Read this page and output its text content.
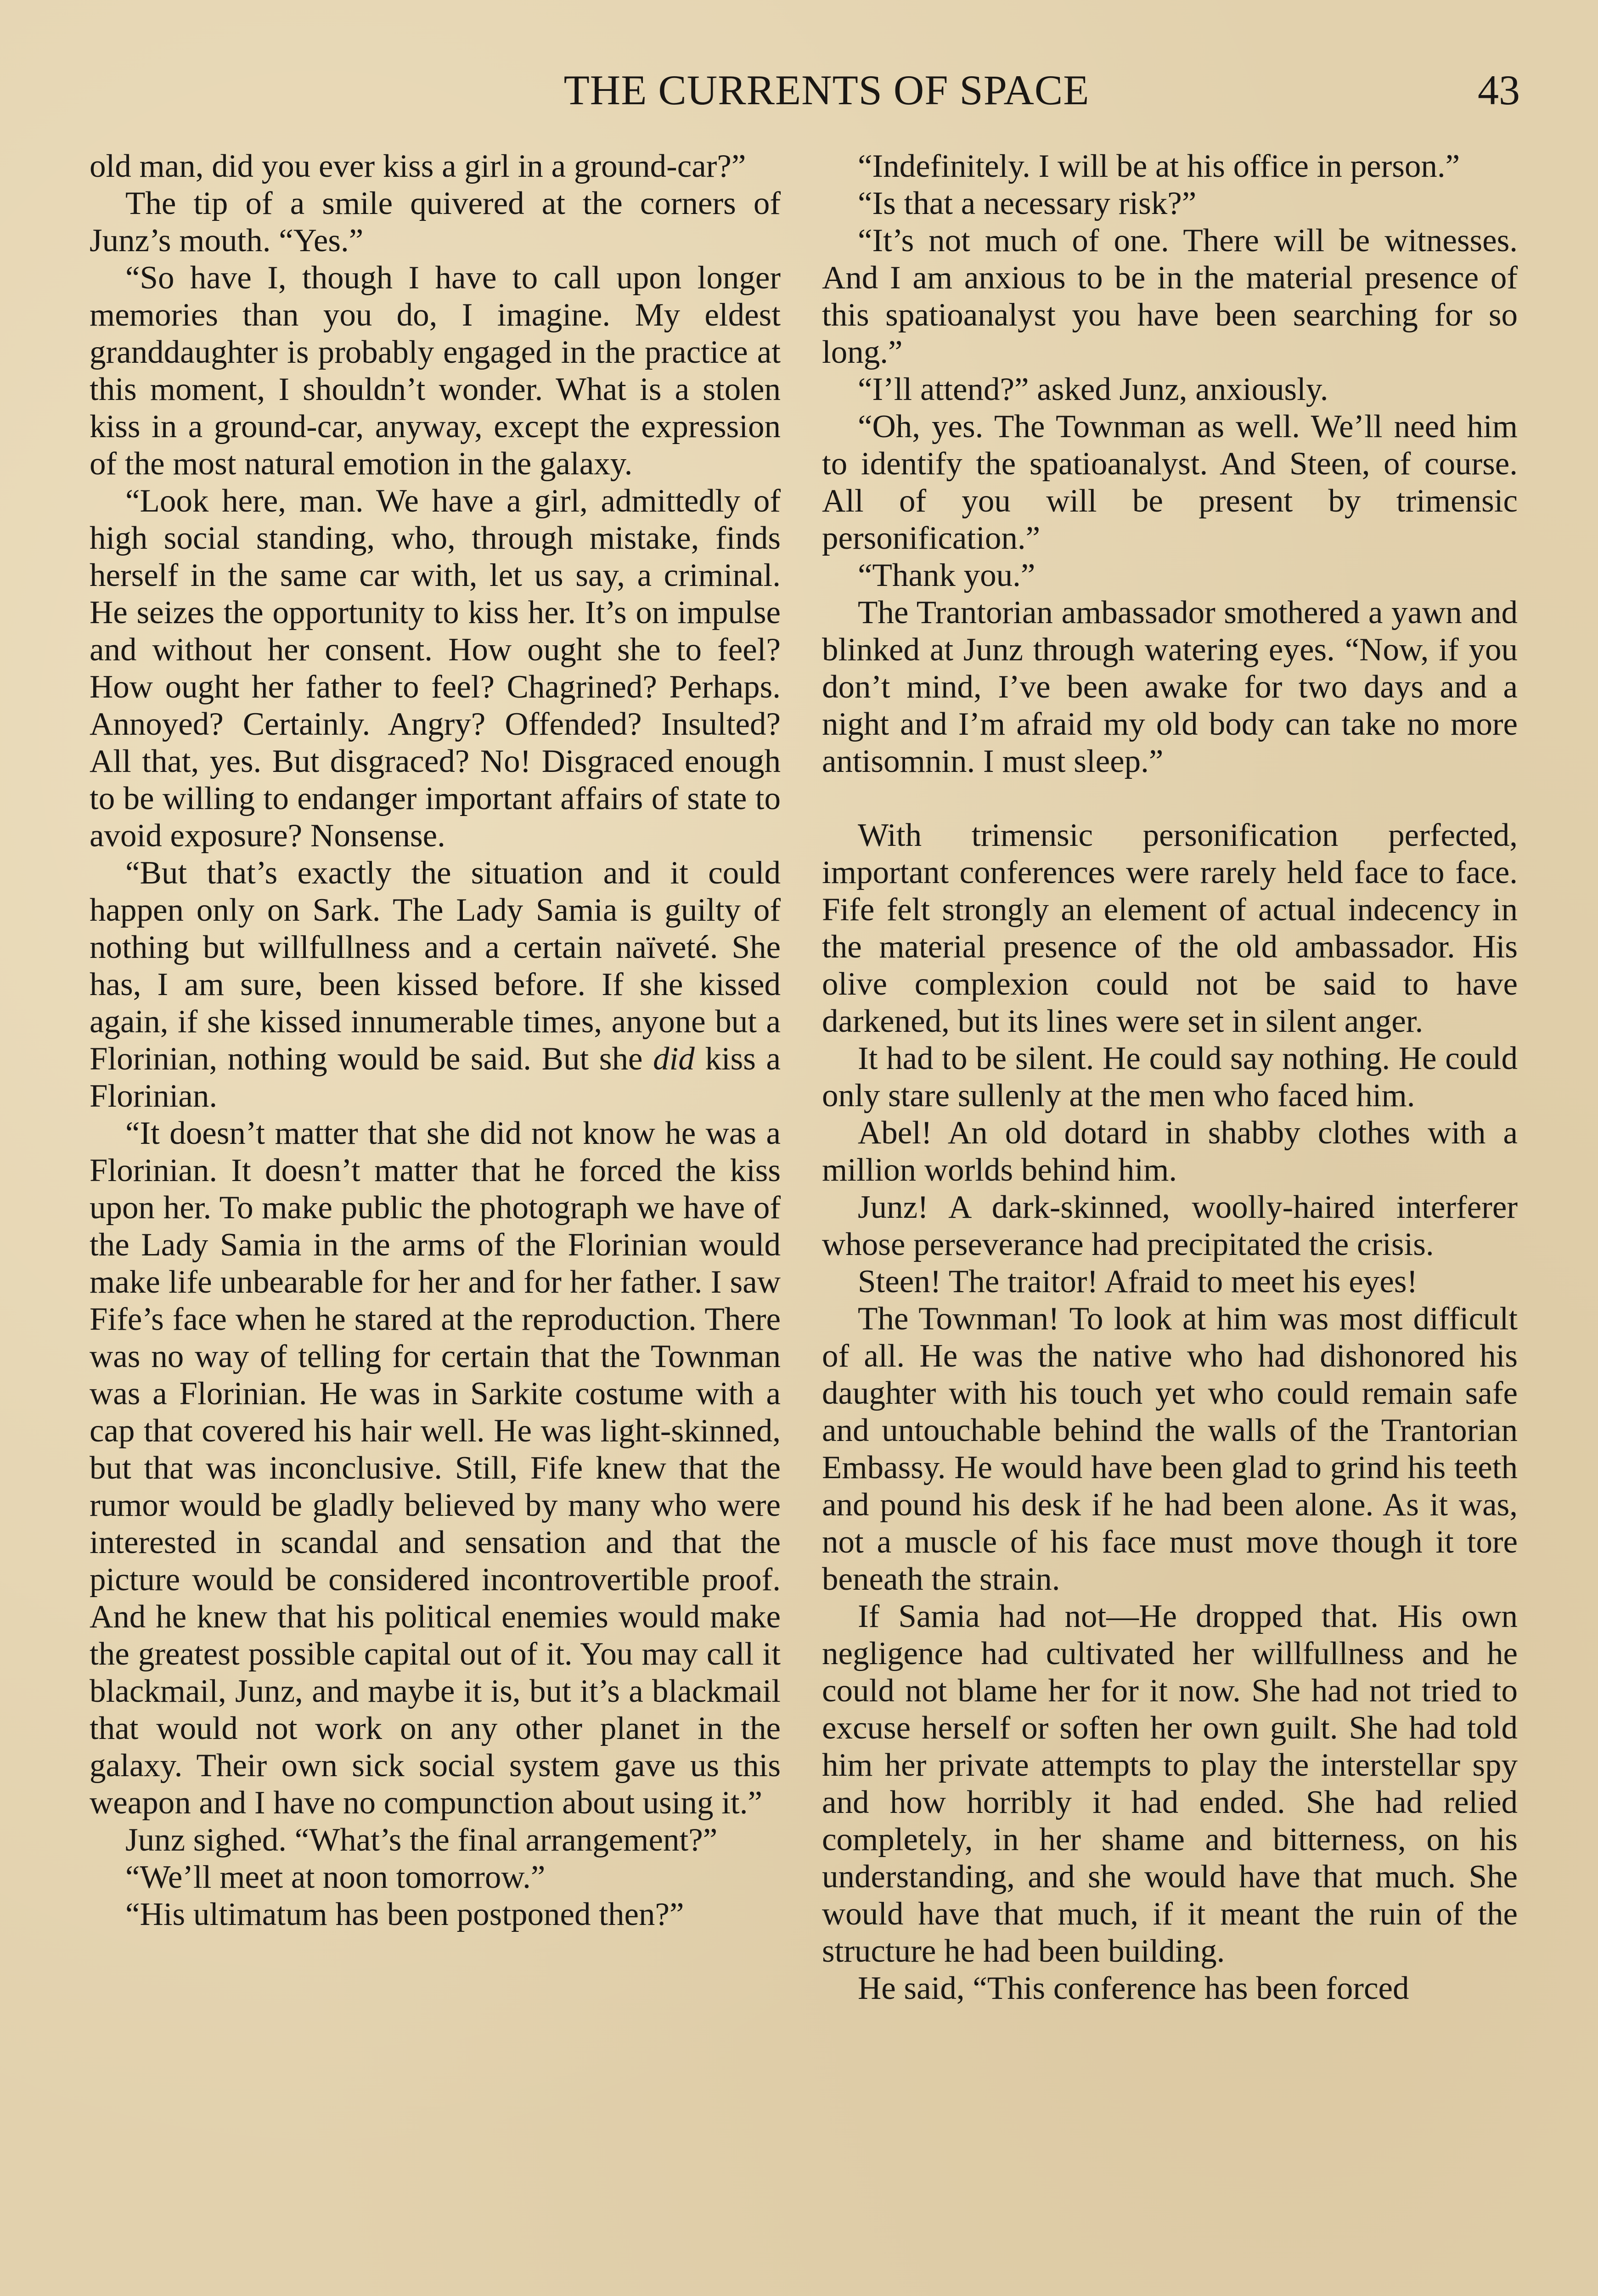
THE CURRENTS OF SPACE	43

old man, did you ever kiss a girl in a ground-car?”

The tip of a smile quivered at the corners of Junz’s mouth. “Yes.”

“So have I, though I have to call upon longer memories than you do, I imagine. My eldest granddaughter is probably engaged in the practice at this moment, I shouldn’t wonder. What is a stolen kiss in a ground-car, anyway, except the expression of the most natural emotion in the galaxy.

“Look here, man. We have a girl, admittedly of high social standing, who, through mistake, finds herself in the same car with, let us say, a criminal. He seizes the opportunity to kiss her. It’s on impulse and without her consent. How ought she to feel? How ought her father to feel? Chagrined? Perhaps. Annoyed? Certainly. Angry? Offended? Insulted? All that, yes. But disgraced? No! Disgraced enough to be willing to endanger important affairs of state to avoid exposure? Nonsense.

“But that’s exactly the situation and it could happen only on Sark. The Lady Samia is guilty of nothing but willfullness and a certain naïveté. She has, I am sure, been kissed before. If she kissed again, if she kissed innumerable times, anyone but a Florinian, nothing would be said. But she did kiss a Florinian.

“It doesn’t matter that she did not know he was a Florinian. It doesn’t matter that he forced the kiss upon her. To make public the photograph we have of the Lady Samia in the arms of the Florinian would make life unbearable for her and for her father. I saw Fife’s face when he stared at the reproduction. There was no way of telling for certain that the Townman was a Florinian. He was in Sarkite costume with a cap that covered his hair well. He was light-skinned, but that was inconclusive. Still, Fife knew that the rumor would be gladly believed by many who were interested in scandal and sensation and that the picture would be considered incontrovertible proof. And he knew that his political enemies would make the greatest possible capital out of it. You may call it blackmail, Junz, and maybe it is, but it’s a blackmail that would not work on any other planet in the galaxy. Their own sick social system gave us this weapon and I have no compunction about using it.”

Junz sighed. “What’s the final arrangement?”

“We’ll meet at noon tomorrow.”

“His ultimatum has been postponed then?”

“Indefinitely. I will be at his office in person.”

“Is that a necessary risk?”

“It’s not much of one. There will be witnesses. And I am anxious to be in the material presence of this spatioanalyst you have been searching for so long.”

“I’ll attend?” asked Junz, anxiously.

“Oh, yes. The Townman as well. We’ll need him to identify the spatioanalyst. And Steen, of course. All of you will be present by trimensic personification.”

“Thank you.”

The Trantorian ambassador smothered a yawn and blinked at Junz through watering eyes. “Now, if you don’t mind, I’ve been awake for two days and a night and I’m afraid my old body can take no more antisomnin. I must sleep.”

With trimensic personification perfected, important conferences were rarely held face to face. Fife felt strongly an element of actual indecency in the material presence of the old ambassador. His olive complexion could not be said to have darkened, but its lines were set in silent anger.

It had to be silent. He could say nothing. He could only stare sullenly at the men who faced him.

Abel! An old dotard in shabby clothes with a million worlds behind him.

Junz! A dark-skinned, woolly-haired interferer whose perseverance had precipitated the crisis.

Steen! The traitor! Afraid to meet his eyes!

The Townman! To look at him was most difficult of all. He was the native who had dishonored his daughter with his touch yet who could remain safe and untouchable behind the walls of the Trantorian Embassy. He would have been glad to grind his teeth and pound his desk if he had been alone. As it was, not a muscle of his face must move though it tore beneath the strain.

If Samia had not—He dropped that. His own negligence had cultivated her willfullness and he could not blame her for it now. She had not tried to excuse herself or soften her own guilt. She had told him her private attempts to play the interstellar spy and how horribly it had ended. She had relied completely, in her shame and bitterness, on his understanding, and she would have that much. She would have that much, if it meant the ruin of the structure he had been building.

He said, “This conference has been forced
